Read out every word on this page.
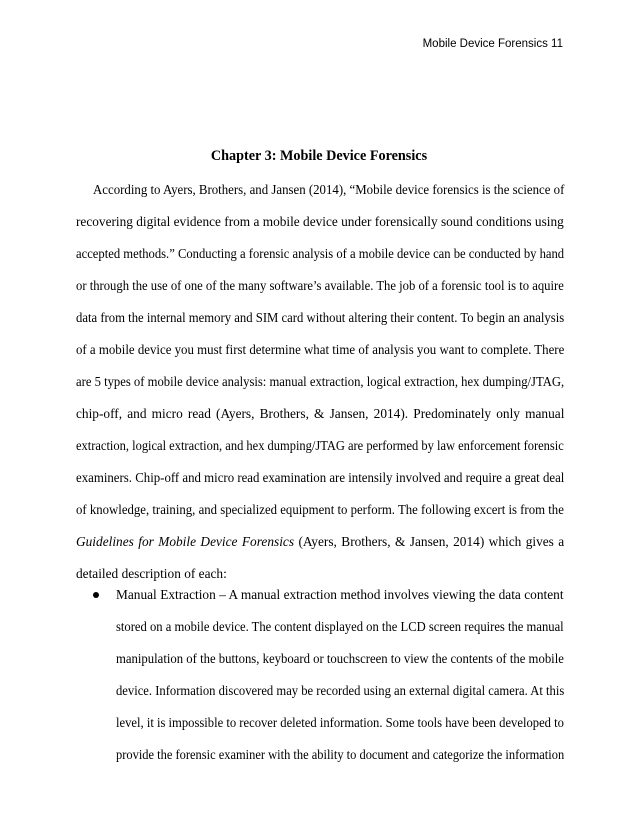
Mobile Device Forensics 11
Chapter 3: Mobile Device Forensics
According to Ayers, Brothers, and Jansen (2014), “Mobile device forensics is the science of
recovering digital evidence from a mobile device under forensically sound conditions using
accepted methods.” Conducting a forensic analysis of a mobile device can be conducted by hand
or through the use of one of the many software’s available. The job of a forensic tool is to aquire
data from the internal memory and SIM card without altering their content. To begin an analysis
of a mobile device you must first determine what time of analysis you want to complete. There
are 5 types of mobile device analysis: manual extraction, logical extraction, hex dumping/JTAG,
chip-off, and micro read (Ayers, Brothers, & Jansen, 2014). Predominately only manual
extraction, logical extraction, and hex dumping/JTAG are performed by law enforcement forensic
examiners. Chip-off and micro read examination are intensily involved and require a great deal
of knowledge, training, and specialized equipment to perform. The following excert is from the
Guidelines for Mobile Device Forensics (Ayers, Brothers, & Jansen, 2014) which gives a
detailed description of each:
Manual Extraction – A manual extraction method involves viewing the data content
stored on a mobile device. The content displayed on the LCD screen requires the manual
manipulation of the buttons, keyboard or touchscreen to view the contents of the mobile
device. Information discovered may be recorded using an external digital camera. At this
level, it is impossible to recover deleted information. Some tools have been developed to
provide the forensic examiner with the ability to document and categorize the information
